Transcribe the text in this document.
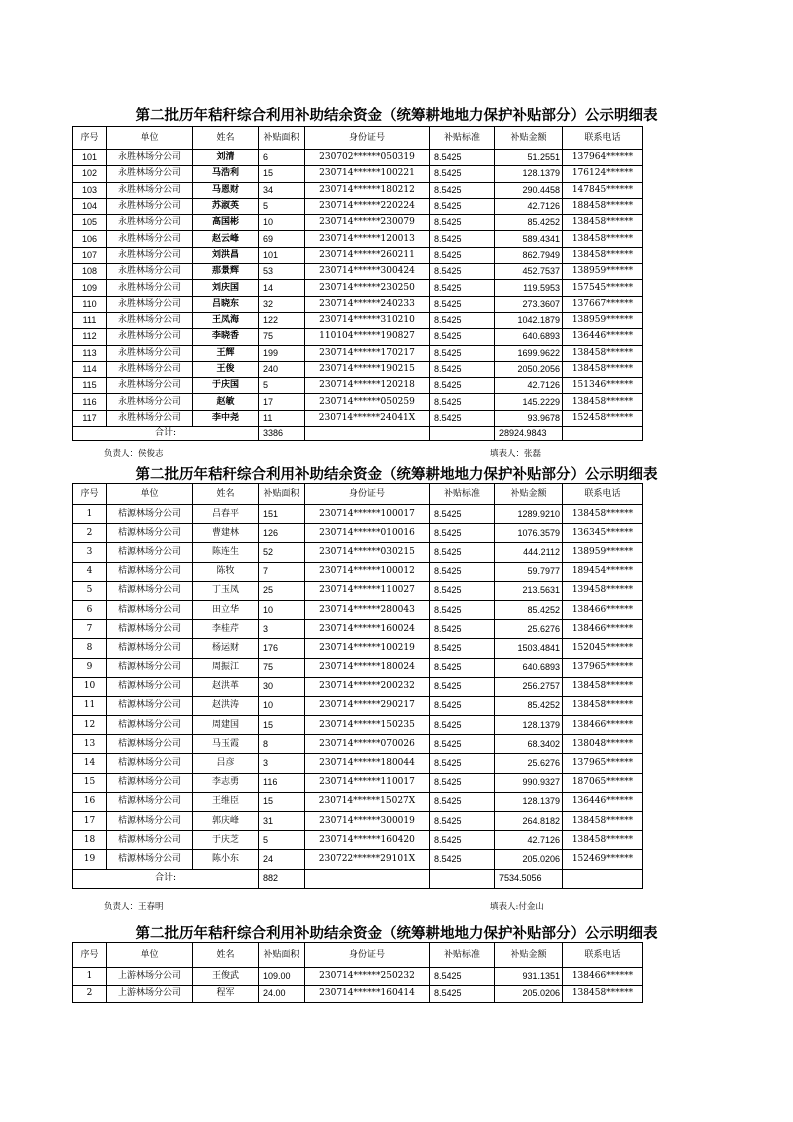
第二批历年秸秆综合利用补助结余资金（统筹耕地地力保护补贴部分）公示明细表
序号	单位	姓名	补贴面积	身份证号	补贴标准	补贴金额	联系电话
101	永胜林场分公司	刘清	6	230702******050319	8.5425	51.2551	137964******
102	永胜林场分公司	马浩利	15	230714******100221	8.5425	128.1379	176124******
103	永胜林场分公司	马恩财	34	230714******180212	8.5425	290.4458	147845******
104	永胜林场分公司	苏淑英	5	230714******220224	8.5425	42.7126	188458******
105	永胜林场分公司	高国彬	10	230714******230079	8.5425	85.4252	138458******
106	永胜林场分公司	赵云峰	69	230714******120013	8.5425	589.4341	138458******
107	永胜林场分公司	刘洪昌	101	230714******260211	8.5425	862.7949	138458******
108	永胜林场分公司	那景辉	53	230714******300424	8.5425	452.7537	138959******
109	永胜林场分公司	刘庆国	14	230714******230250	8.5425	119.5953	157545******
110	永胜林场分公司	吕晓东	32	230714******240233	8.5425	273.3607	137667******
111	永胜林场分公司	王凤海	122	230714******310210	8.5425	1042.1879	138959******
112	永胜林场分公司	李晓香	75	110104******190827	8.5425	640.6893	136446******
113	永胜林场分公司	王辉	199	230714******170217	8.5425	1699.9622	138458******
114	永胜林场分公司	王俊	240	230714******190215	8.5425	2050.2056	138458******
115	永胜林场分公司	于庆国	5	230714******120218	8.5425	42.7126	151346******
116	永胜林场分公司	赵敏	17	230714******050259	8.5425	145.2229	138458******
117	永胜林场分公司	李中尧	11	230714******24041X	8.5425	93.9678	152458******
合计:			3386			28924.9843	
负责人：侯俊志	填表人：张磊
第二批历年秸秆综合利用补助结余资金（统筹耕地地力保护补贴部分）公示明细表
序号	单位	姓名	补贴面积	身份证号	补贴标准	补贴金额	联系电话
1	桔源林场分公司	吕春平	151	230714******100017	8.5425	1289.9210	138458******
2	桔源林场分公司	曹建林	126	230714******010016	8.5425	1076.3579	136345******
3	桔源林场分公司	陈连生	52	230714******030215	8.5425	444.2112	138959******
4	桔源林场分公司	陈牧	7	230714******100012	8.5425	59.7977	189454******
5	桔源林场分公司	丁玉凤	25	230714******110027	8.5425	213.5631	139458******
6	桔源林场分公司	田立华	10	230714******280043	8.5425	85.4252	138466******
7	桔源林场分公司	李桂芹	3	230714******160024	8.5425	25.6276	138466******
8	桔源林场分公司	杨运财	176	230714******100219	8.5425	1503.4841	152045******
9	桔源林场分公司	周振江	75	230714******180024	8.5425	640.6893	137965******
10	桔源林场分公司	赵洪革	30	230714******200232	8.5425	256.2757	138458******
11	桔源林场分公司	赵洪涛	10	230714******290217	8.5425	85.4252	138458******
12	桔源林场分公司	周建国	15	230714******150235	8.5425	128.1379	138466******
13	桔源林场分公司	马玉霞	8	230714******070026	8.5425	68.3402	138048******
14	桔源林场分公司	吕彦	3	230714******180044	8.5425	25.6276	137965******
15	桔源林场分公司	李志勇	116	230714******110017	8.5425	990.9327	187065******
16	桔源林场分公司	王维臣	15	230714******15027X	8.5425	128.1379	136446******
17	桔源林场分公司	郭庆峰	31	230714******300019	8.5425	264.8182	138458******
18	桔源林场分公司	于庆芝	5	230714******160420	8.5425	42.7126	138458******
19	桔源林场分公司	陈小东	24	230722******29101X	8.5425	205.0206	152469******
合计:			882			7534.5056	
负责人：王春明	填表人:付金山
第二批历年秸秆综合利用补助结余资金（统筹耕地地力保护补贴部分）公示明细表
序号	单位	姓名	补贴面积	身份证号	补贴标准	补贴金额	联系电话
1	上游林场分公司	王俊武	109.00	230714******250232	8.5425	931.1351	138466******
2	上游林场分公司	程军	24.00	230714******160414	8.5425	205.0206	138458******
